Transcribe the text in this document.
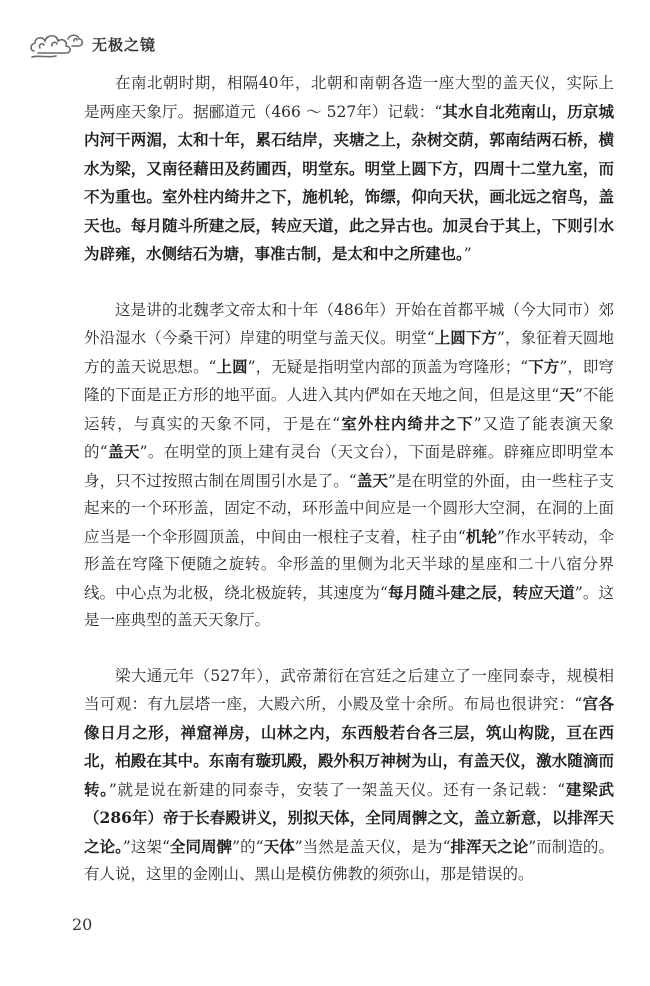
无极之镜

在南北朝时期，相隔40年，北朝和南朝各造一座大型的盖天仪，实际上是两座天象厅。据郦道元（466 ～ 527年）记载：“其水自北苑南山，历京城内河干两湄，太和十年，累石结岸，夹塘之上，杂树交荫，郭南结两石桥，横水为梁，又南径藉田及药圃西，明堂东。明堂上圆下方，四周十二堂九室，而不为重也。室外柱内绮井之下，施机轮，饰缥，仰向天状，画北远之宿鸟，盖天也。每月随斗所建之辰，转应天道，此之异古也。加灵台于其上，下则引水为辟雍，水侧结石为塘，事准古制，是太和中之所建也。”

这是讲的北魏孝文帝太和十年（486年）开始在首都平城（今大同市）郊外沿湿水（今桑干河）岸建的明堂与盖天仪。明堂“上圆下方”，象征着天圆地方的盖天说思想。“上圆”，无疑是指明堂内部的顶盖为穹隆形；“下方”，即穹隆的下面是正方形的地平面。人进入其内俨如在天地之间，但是这里“天”不能运转，与真实的天象不同，于是在“室外柱内绮井之下”又造了能表演天象的“盖天”。在明堂的顶上建有灵台（天文台），下面是辟雍。辟雍应即明堂本身，只不过按照古制在周围引水是了。“盖天”是在明堂的外面，由一些柱子支起来的一个环形盖，固定不动，环形盖中间应是一个圆形大空洞，在洞的上面应当是一个伞形圆顶盖，中间由一根柱子支着，柱子由“机轮”作水平转动，伞形盖在穹隆下便随之旋转。伞形盖的里侧为北天半球的星座和二十八宿分界线。中心点为北极，绕北极旋转，其速度为“每月随斗建之辰，转应天道”。这是一座典型的盖天天象厅。

梁大通元年（527年），武帝萧衍在宫廷之后建立了一座同泰寺，规模相当可观：有九层塔一座，大殿六所，小殿及堂十余所。布局也很讲究：“宫各像日月之形，禅窟禅房，山林之内，东西般若台各三层，筑山构陇，亘在西北，柏殿在其中。东南有璇玑殿，殿外积万神树为山，有盖天仪，激水随滴而转。”就是说在新建的同泰寺，安装了一架盖天仪。还有一条记载：“建梁武（286年）帝于长春殿讲义，别拟天体，全同周髀之文，盖立新意，以排浑天之论。”这架“全同周髀”的“天体”当然是盖天仪，是为“排浑天之论”而制造的。有人说，这里的金刚山、黑山是模仿佛教的须弥山，那是错误的。

20
